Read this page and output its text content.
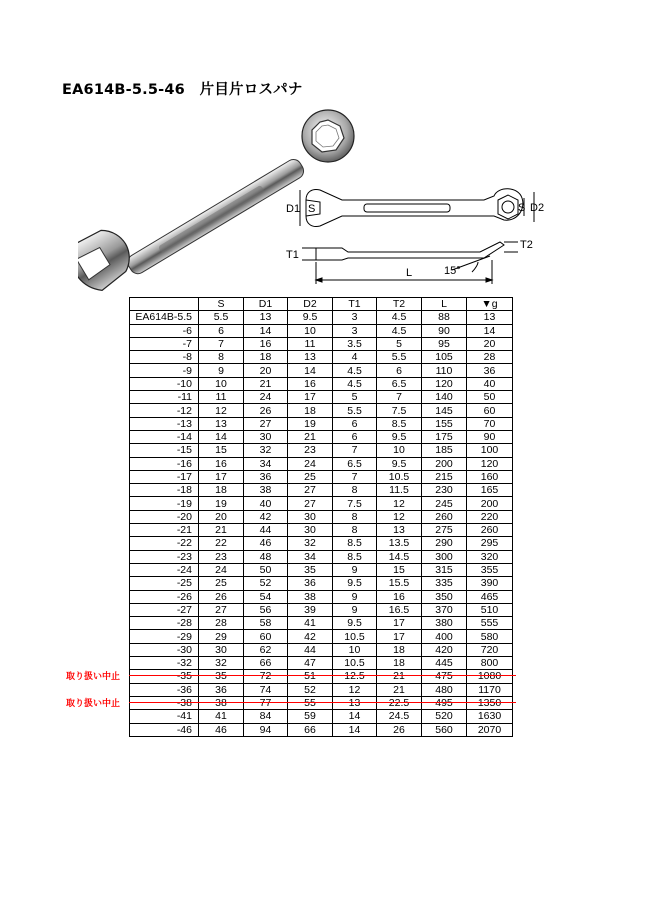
EA614B-5.5-46　片目片ロスパナ
D1 S	S D2
T1
T2
L	15°
	S	D1	D2	T1	T2	L	▼g
EA614B-5.5	5.5	13	9.5	3	4.5	88	13
-6	6	14	10	3	4.5	90	14
-7	7	16	11	3.5	5	95	20
-8	8	18	13	4	5.5	105	28
-9	9	20	14	4.5	6	110	36
-10	10	21	16	4.5	6.5	120	40
-11	11	24	17	5	7	140	50
-12	12	26	18	5.5	7.5	145	60
-13	13	27	19	6	8.5	155	70
-14	14	30	21	6	9.5	175	90
-15	15	32	23	7	10	185	100
-16	16	34	24	6.5	9.5	200	120
-17	17	36	25	7	10.5	215	160
-18	18	38	27	8	11.5	230	165
-19	19	40	27	7.5	12	245	200
-20	20	42	30	8	12	260	220
-21	21	44	30	8	13	275	260
-22	22	46	32	8.5	13.5	290	295
-23	23	48	34	8.5	14.5	300	320
-24	24	50	35	9	15	315	355
-25	25	52	36	9.5	15.5	335	390
-26	26	54	38	9	16	350	465
-27	27	56	39	9	16.5	370	510
-28	28	58	41	9.5	17	380	555
-29	29	60	42	10.5	17	400	580
-30	30	62	44	10	18	420	720
-32	32	66	47	10.5	18	445	800
-35	35	72	51	12.5	21	475	1080
-36	36	74	52	12	21	480	1170
-38	38	77	55	13	22.5	495	1350
-41	41	84	59	14	24.5	520	1630
-46	46	94	66	14	26	560	2070
取り扱い中止
取り扱い中止
